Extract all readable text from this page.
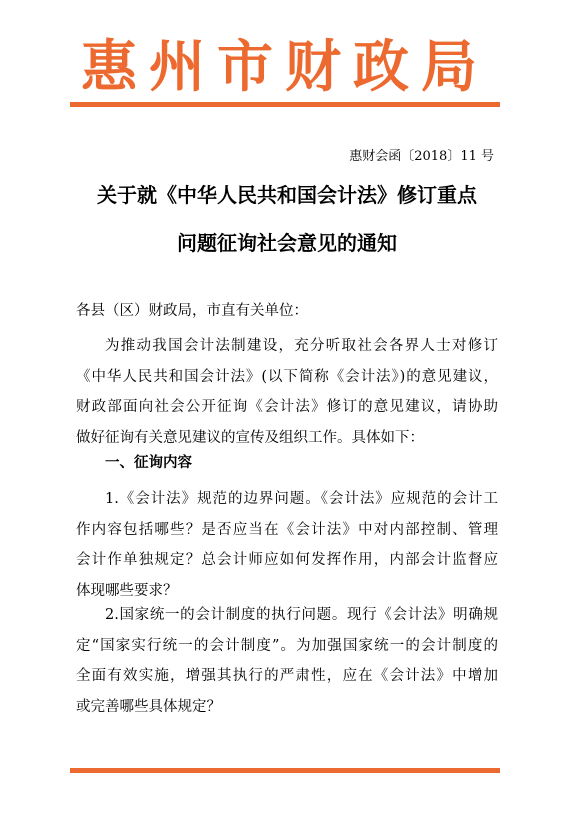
惠州市财政局
惠财会函〔2018〕11 号
关于就《中华人民共和国会计法》修订重点
问题征询社会意见的通知
各县（区）财政局，市直有关单位：
为推动我国会计法制建设，充分听取社会各界人士对修订
《中华人民共和国会计法》(以下简称《会计法》)的意见建议，
财政部面向社会公开征询《会计法》修订的意见建议，请协助
做好征询有关意见建议的宣传及组织工作。具体如下：
一、征询内容
1.《会计法》规范的边界问题。《会计法》应规范的会计工
作内容包括哪些？是否应当在《会计法》中对内部控制、管理
会计作单独规定？总会计师应如何发挥作用，内部会计监督应
体现哪些要求？
2.国家统一的会计制度的执行问题。现行《会计法》明确规
定“国家实行统一的会计制度”。为加强国家统一的会计制度的
全面有效实施，增强其执行的严肃性，应在《会计法》中增加
或完善哪些具体规定？
